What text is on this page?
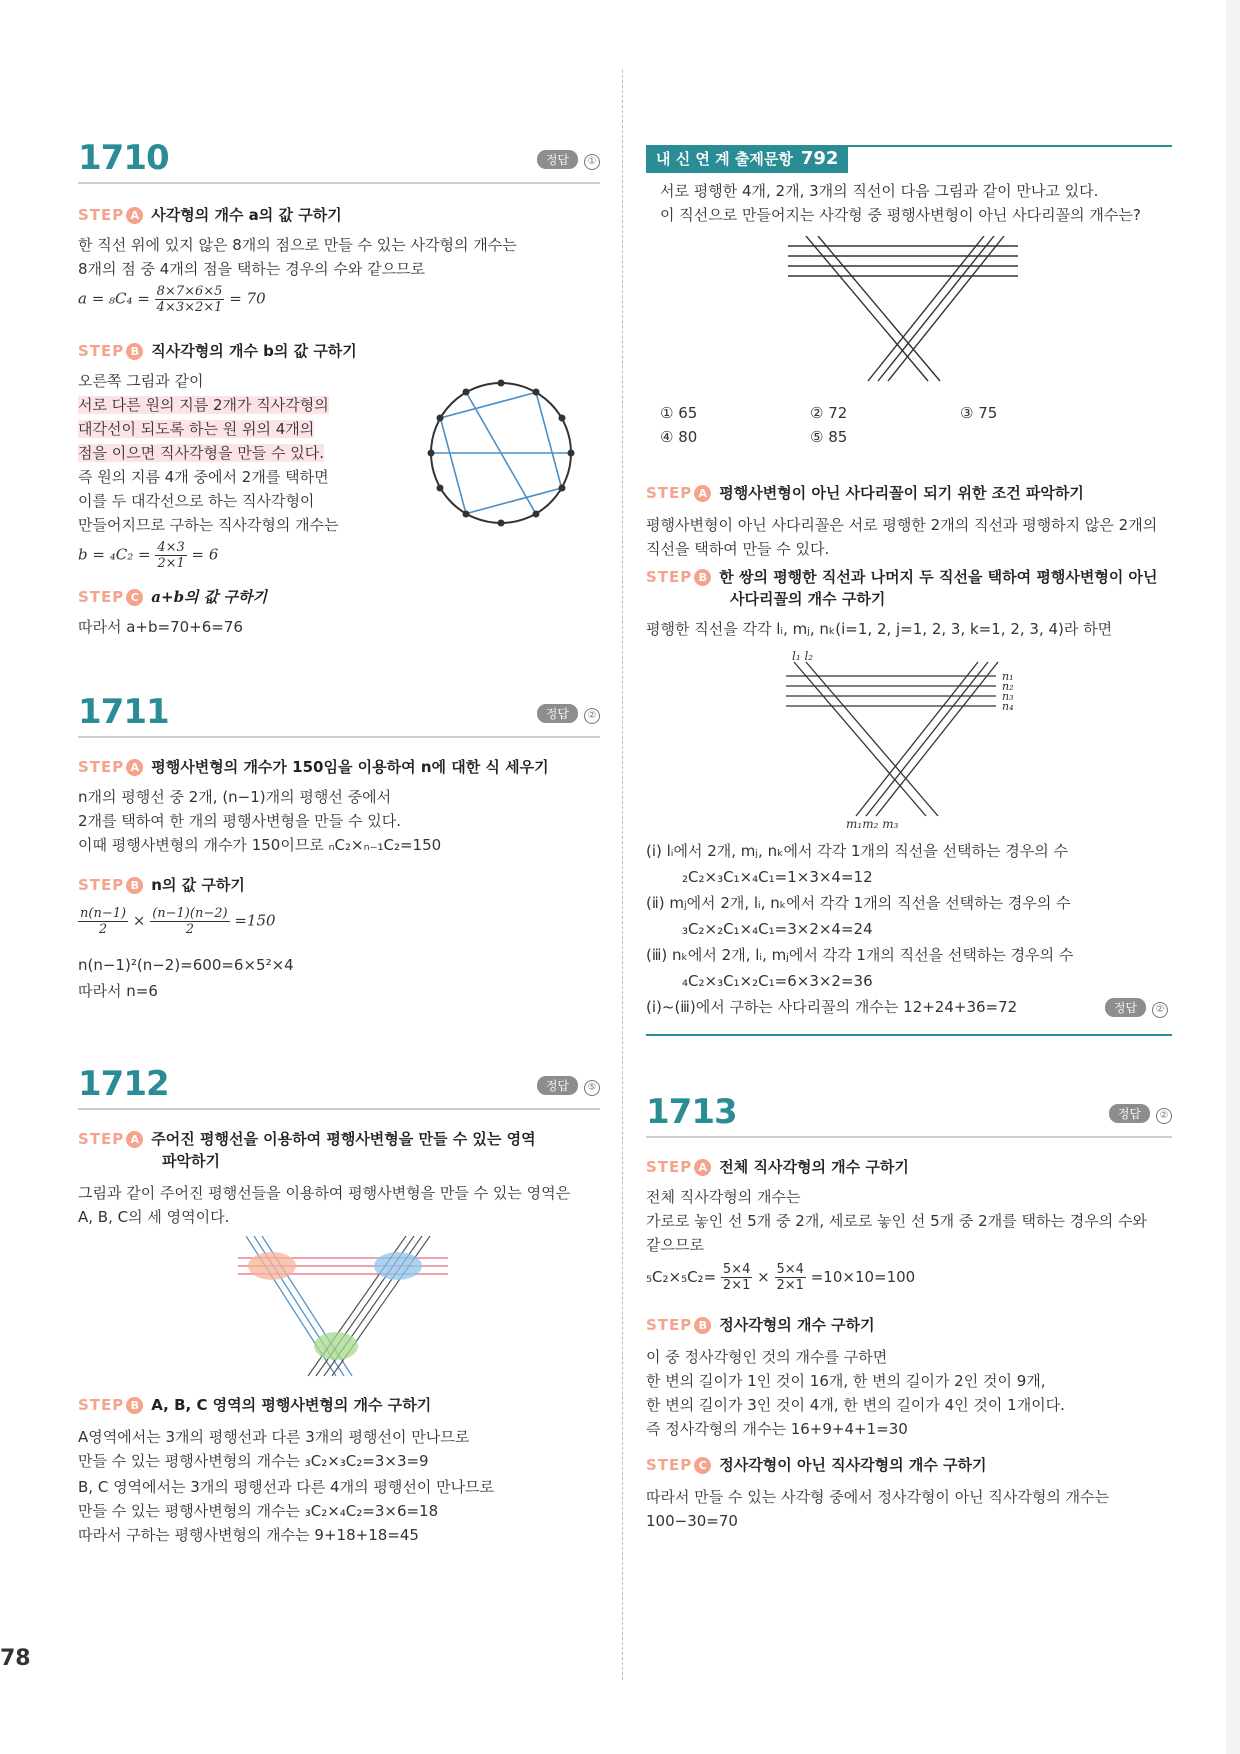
1710	정답 ①
STEP A 사각형의 개수 a의 값 구하기
한 직선 위에 있지 않은 8개의 점으로 만들 수 있는 사각형의 개수는
8개의 점 중 4개의 점을 택하는 경우의 수와 같으므로
$a = _8C_4 = \frac{8\times 7\times 6\times 5}{4\times 3\times 2\times 1} = 70$
STEP B 직사각형의 개수 b의 값 구하기
오른쪽 그림과 같이
서로 다른 원의 지름 2개가 직사각형의
대각선이 되도록 하는 원 위의 4개의
점을 이으면 직사각형을 만들 수 있다.
즉 원의 지름 4개 중에서 2개를 택하면
이를 두 대각선으로 하는 직사각형이
만들어지므로 구하는 직사각형의 개수는
$b = _4C_2 = \frac{4\times 3}{2\times 1} = 6$
STEP C a+b의 값 구하기
따라서 a+b=70+6=76
1711	정답 ②
STEP A 평행사변형의 개수가 150임을 이용하여 n에 대한 식 세우기
n개의 평행선 중 2개, (n−1)개의 평행선 중에서
2개를 택하여 한 개의 평행사변형을 만들 수 있다.
이때 평행사변형의 개수가 150이므로 ₙC₂×ₙ₋₁C₂=150
STEP B n의 값 구하기
$\frac{n(n-1)}{2} \times \frac{(n-1)(n-2)}{2} =150$
n(n−1)²(n−2)=600=6×5²×4
따라서 n=6
1712	정답 ⑤
STEP A 주어진 평행선을 이용하여 평행사변형을 만들 수 있는 영역
파악하기
그림과 같이 주어진 평행선들을 이용하여 평행사변형을 만들 수 있는 영역은
A, B, C의 세 영역이다.
STEP B A, B, C 영역의 평행사변형의 개수 구하기
A영역에서는 3개의 평행선과 다른 3개의 평행선이 만나므로
만들 수 있는 평행사변형의 개수는 ₃C₂×₃C₂=3×3=9
B, C 영역에서는 3개의 평행선과 다른 4개의 평행선이 만나므로
만들 수 있는 평행사변형의 개수는 ₃C₂×₄C₂=3×6=18
따라서 구하는 평행사변형의 개수는 9+18+18=45
내 신 연 계 출제문항 792
서로 평행한 4개, 2개, 3개의 직선이 다음 그림과 같이 만나고 있다.
이 직선으로 만들어지는 사각형 중 평행사변형이 아닌 사다리꼴의 개수는?
① 65	② 72	③ 75
④ 80	⑤ 85
STEP A 평행사변형이 아닌 사다리꼴이 되기 위한 조건 파악하기
평행사변형이 아닌 사다리꼴은 서로 평행한 2개의 직선과 평행하지 않은 2개의
직선을 택하여 만들 수 있다.
STEP B 한 쌍의 평행한 직선과 나머지 두 직선을 택하여 평행사변형이 아닌
사다리꼴의 개수 구하기
평행한 직선을 각각 lᵢ, mⱼ, nₖ(i=1, 2, j=1, 2, 3, k=1, 2, 3, 4)라 하면
l₁ l₂
n₁
n₂
n₃
n₄
m₁m₂ m₃
(ⅰ) lᵢ에서 2개, mⱼ, nₖ에서 각각 1개의 직선을 선택하는 경우의 수
₂C₂×₃C₁×₄C₁=1×3×4=12
(ⅱ) mⱼ에서 2개, lᵢ, nₖ에서 각각 1개의 직선을 선택하는 경우의 수
₃C₂×₂C₁×₄C₁=3×2×4=24
(ⅲ) nₖ에서 2개, lᵢ, mⱼ에서 각각 1개의 직선을 선택하는 경우의 수
₄C₂×₃C₁×₂C₁=6×3×2=36
(ⅰ)~(ⅲ)에서 구하는 사다리꼴의 개수는 12+24+36=72	정답 ②
1713	정답 ②
STEP A 전체 직사각형의 개수 구하기
전체 직사각형의 개수는
가로로 놓인 선 5개 중 2개, 세로로 놓인 선 5개 중 2개를 택하는 경우의 수와
같으므로
$_5C_2\times_5C_2= \frac{5\times 4}{2\times 1} \times \frac{5\times 4}{2\times 1} =10\times 10=100$
STEP B 정사각형의 개수 구하기
이 중 정사각형인 것의 개수를 구하면
한 변의 길이가 1인 것이 16개, 한 변의 길이가 2인 것이 9개,
한 변의 길이가 3인 것이 4개, 한 변의 길이가 4인 것이 1개이다.
즉 정사각형의 개수는 16+9+4+1=30
STEP C 정사각형이 아닌 직사각형의 개수 구하기
따라서 만들 수 있는 사각형 중에서 정사각형이 아닌 직사각형의 개수는
100−30=70
78
